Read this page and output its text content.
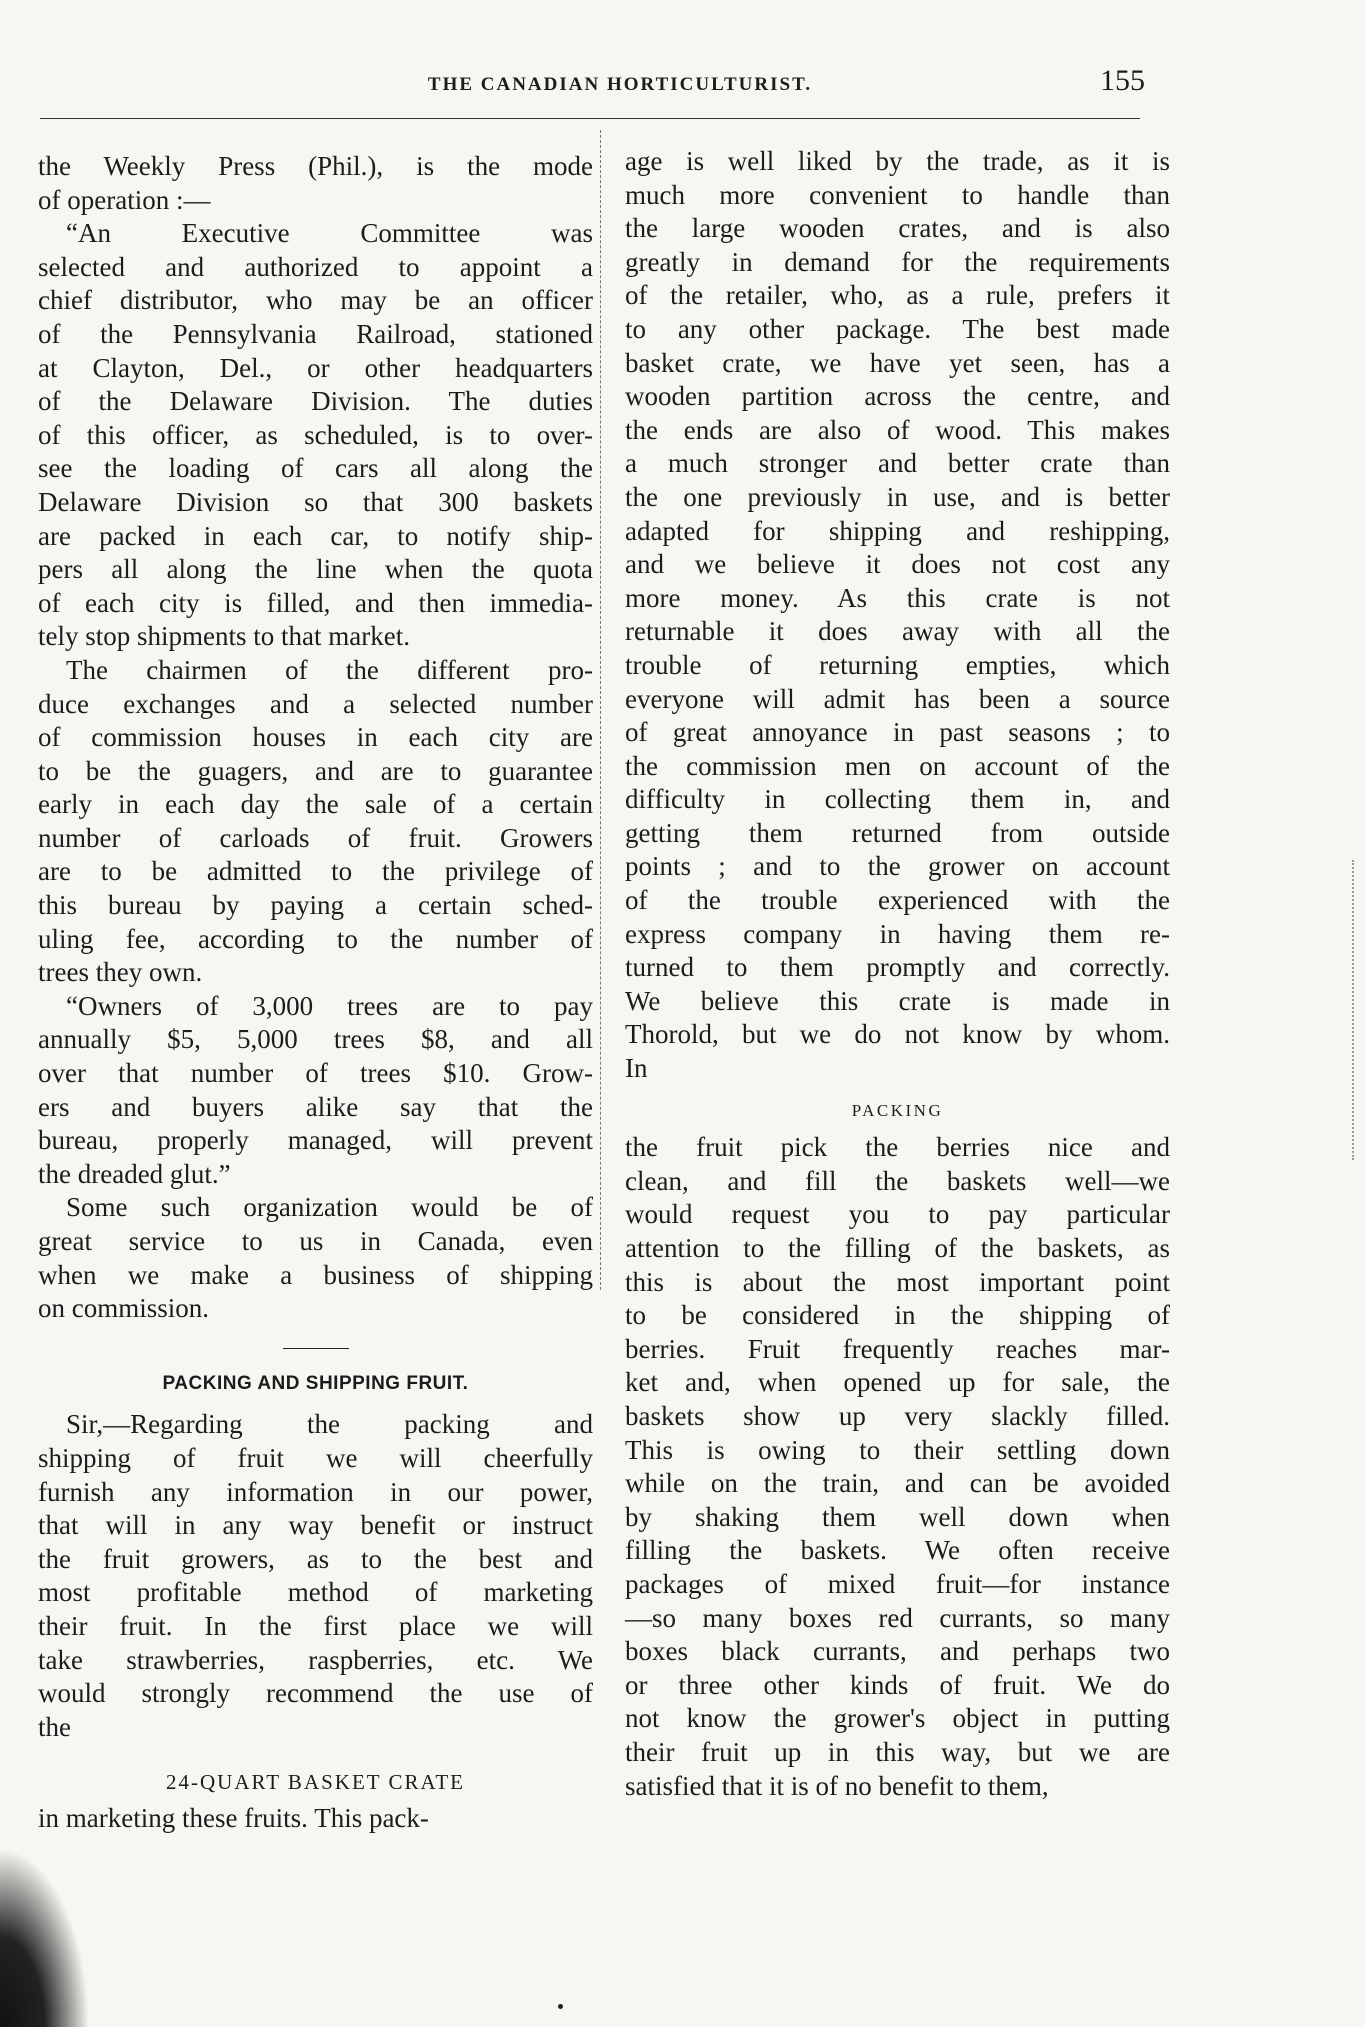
THE CANADIAN HORTICULTURIST.	155

the Weekly Press (Phil.), is the mode
of operation :—

“An Executive Committee was
selected and authorized to appoint a
chief distributor, who may be an officer
of the Pennsylvania Railroad, stationed
at Clayton, Del., or other headquarters
of the Delaware Division. The duties
of this officer, as scheduled, is to over-
see the loading of cars all along the
Delaware Division so that 300 baskets
are packed in each car, to notify ship-
pers all along the line when the quota
of each city is filled, and then immedia-
tely stop shipments to that market.

The chairmen of the different pro-
duce exchanges and a selected number
of commission houses in each city are
to be the guagers, and are to guarantee
early in each day the sale of a certain
number of carloads of fruit. Growers
are to be admitted to the privilege of
this bureau by paying a certain sched-
uling fee, according to the number of
trees they own.

“Owners of 3,000 trees are to pay
annually $5, 5,000 trees $8, and all
over that number of trees $10. Grow-
ers and buyers alike say that the
bureau, properly managed, will prevent
the dreaded glut.”

Some such organization would be of
great service to us in Canada, even
when we make a business of shipping
on commission.

PACKING AND SHIPPING FRUIT.

Sir,—Regarding the packing and
shipping of fruit we will cheerfully
furnish any information in our power,
that will in any way benefit or instruct
the fruit growers, as to the best and
most profitable method of marketing
their fruit. In the first place we will
take strawberries, raspberries, etc. We
would strongly recommend the use of
the

24-QUART BASKET CRATE

in marketing these fruits. This pack-

age is well liked by the trade, as it is
much more convenient to handle than
the large wooden crates, and is also
greatly in demand for the requirements
of the retailer, who, as a rule, prefers it
to any other package. The best made
basket crate, we have yet seen, has a
wooden partition across the centre, and
the ends are also of wood. This makes
a much stronger and better crate than
the one previously in use, and is better
adapted for shipping and reshipping,
and we believe it does not cost any
more money. As this crate is not
returnable it does away with all the
trouble of returning empties, which
everyone will admit has been a source
of great annoyance in past seasons ; to
the commission men on account of the
difficulty in collecting them in, and
getting them returned from outside
points ; and to the grower on account
of the trouble experienced with the
express company in having them re-
turned to them promptly and correctly.
We believe this crate is made in
Thorold, but we do not know by whom.
In

PACKING

the fruit pick the berries nice and
clean, and fill the baskets well—we
would request you to pay particular
attention to the filling of the baskets, as
this is about the most important point
to be considered in the shipping of
berries. Fruit frequently reaches mar-
ket and, when opened up for sale, the
baskets show up very slackly filled.
This is owing to their settling down
while on the train, and can be avoided
by shaking them well down when
filling the baskets. We often receive
packages of mixed fruit—for instance
—so many boxes red currants, so many
boxes black currants, and perhaps two
or three other kinds of fruit. We do
not know the grower's object in putting
their fruit up in this way, but we are
satisfied that it is of no benefit to them,
